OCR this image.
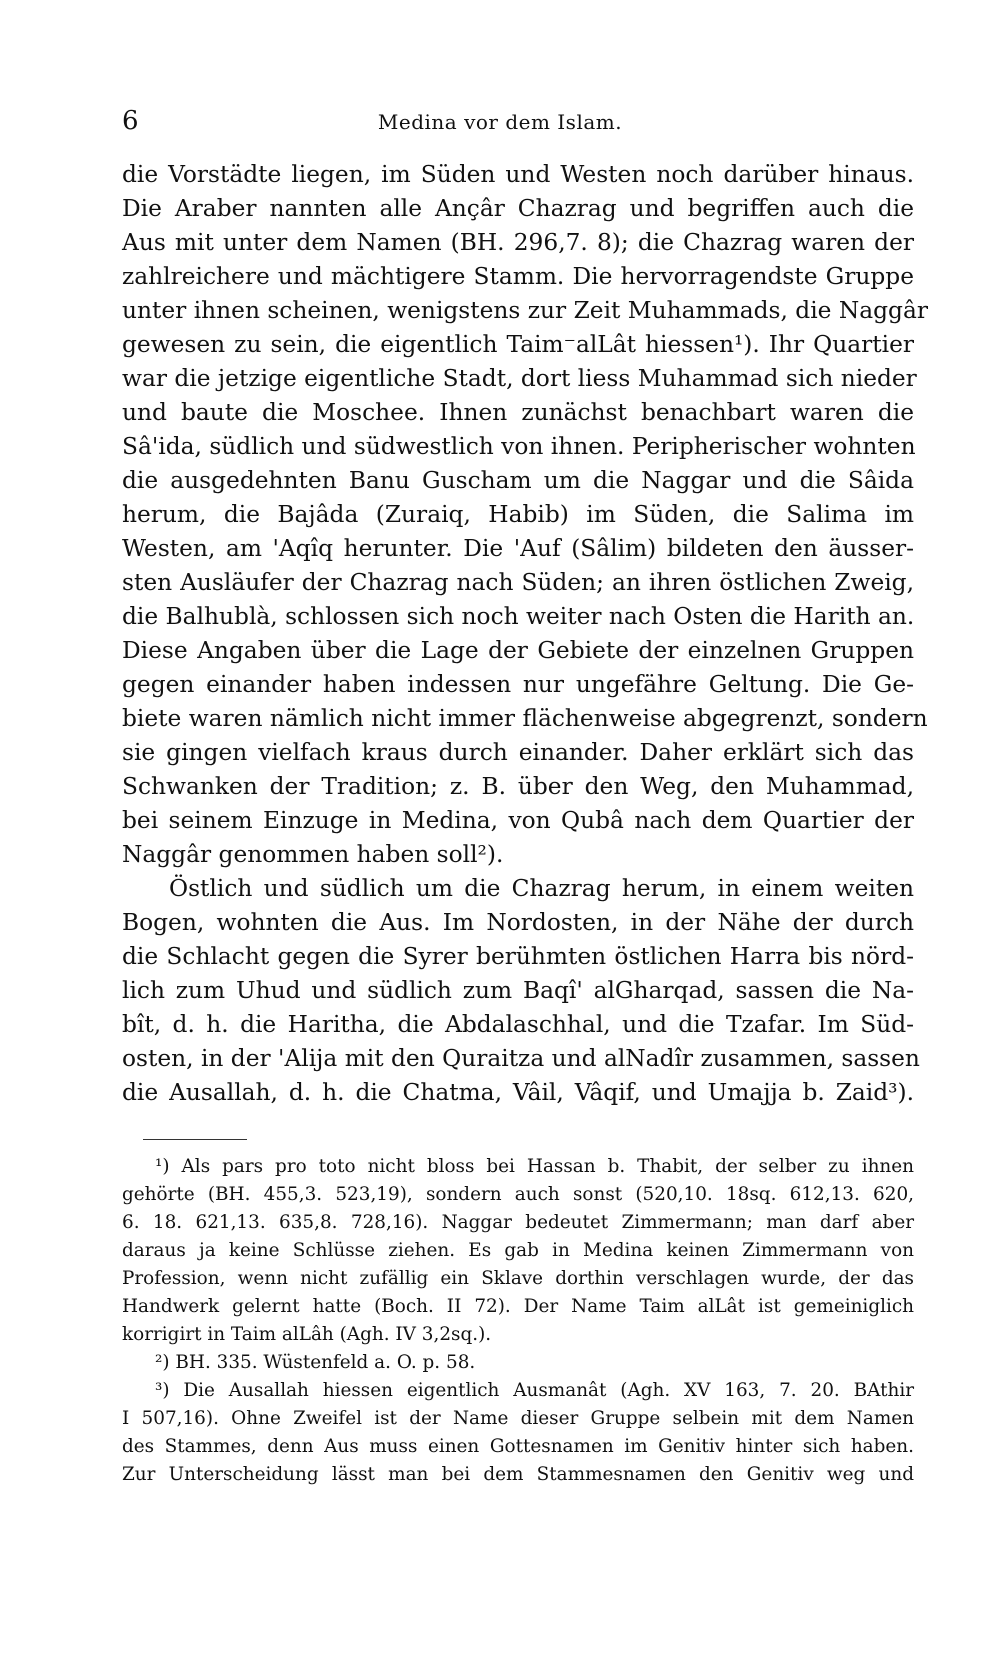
6	Medina vor dem Islam.
die Vorstädte liegen, im Süden und Westen noch darüber hinaus.
Die Araber nannten alle Ançâr Chazrag und begriffen auch die
Aus mit unter dem Namen (BH. 296,7. 8); die Chazrag waren der
zahlreichere und mächtigere Stamm. Die hervorragendste Gruppe
unter ihnen scheinen, wenigstens zur Zeit Muhammads, die Naggâr
gewesen zu sein, die eigentlich Taim⁻alLât hiessen¹). Ihr Quartier
war die jetzige eigentliche Stadt, dort liess Muhammad sich nieder
und baute die Moschee. Ihnen zunächst benachbart waren die
Sâ'ida, südlich und südwestlich von ihnen. Peripherischer wohnten
die ausgedehnten Banu Guscham um die Naggar und die Sâida
herum, die Bajâda (Zuraiq, Habib) im Süden, die Salima im
Westen, am 'Aqîq herunter. Die 'Auf (Sâlim) bildeten den äusser-
sten Ausläufer der Chazrag nach Süden; an ihren östlichen Zweig,
die Balhublà, schlossen sich noch weiter nach Osten die Harith an.
Diese Angaben über die Lage der Gebiete der einzelnen Gruppen
gegen einander haben indessen nur ungefähre Geltung. Die Ge-
biete waren nämlich nicht immer flächenweise abgegrenzt, sondern
sie gingen vielfach kraus durch einander. Daher erklärt sich das
Schwanken der Tradition; z. B. über den Weg, den Muhammad,
bei seinem Einzuge in Medina, von Qubâ nach dem Quartier der
Naggâr genommen haben soll²).
Östlich und südlich um die Chazrag herum, in einem weiten
Bogen, wohnten die Aus. Im Nordosten, in der Nähe der durch
die Schlacht gegen die Syrer berühmten östlichen Harra bis nörd-
lich zum Uhud und südlich zum Baqî' alGharqad, sassen die Na-
bît, d. h. die Haritha, die Abdalaschhal, und die Tzafar. Im Süd-
osten, in der 'Alija mit den Quraitza und alNadîr zusammen, sassen
die Ausallah, d. h. die Chatma, Vâil, Vâqif, und Umajja b. Zaid³).
¹) Als pars pro toto nicht bloss bei Hassan b. Thabit, der selber zu ihnen
gehörte (BH. 455,3. 523,19), sondern auch sonst (520,10. 18sq. 612,13. 620,
6. 18. 621,13. 635,8. 728,16). Naggar bedeutet Zimmermann; man darf aber
daraus ja keine Schlüsse ziehen. Es gab in Medina keinen Zimmermann von
Profession, wenn nicht zufällig ein Sklave dorthin verschlagen wurde, der das
Handwerk gelernt hatte (Boch. II 72). Der Name Taim alLât ist gemeiniglich
korrigirt in Taim alLâh (Agh. IV 3,2sq.).
²) BH. 335. Wüstenfeld a. O. p. 58.
³) Die Ausallah hiessen eigentlich Ausmanât (Agh. XV 163, 7. 20. BAthir
I 507,16). Ohne Zweifel ist der Name dieser Gruppe selbein mit dem Namen
des Stammes, denn Aus muss einen Gottesnamen im Genitiv hinter sich haben.
Zur Unterscheidung lässt man bei dem Stammesnamen den Genitiv weg und
